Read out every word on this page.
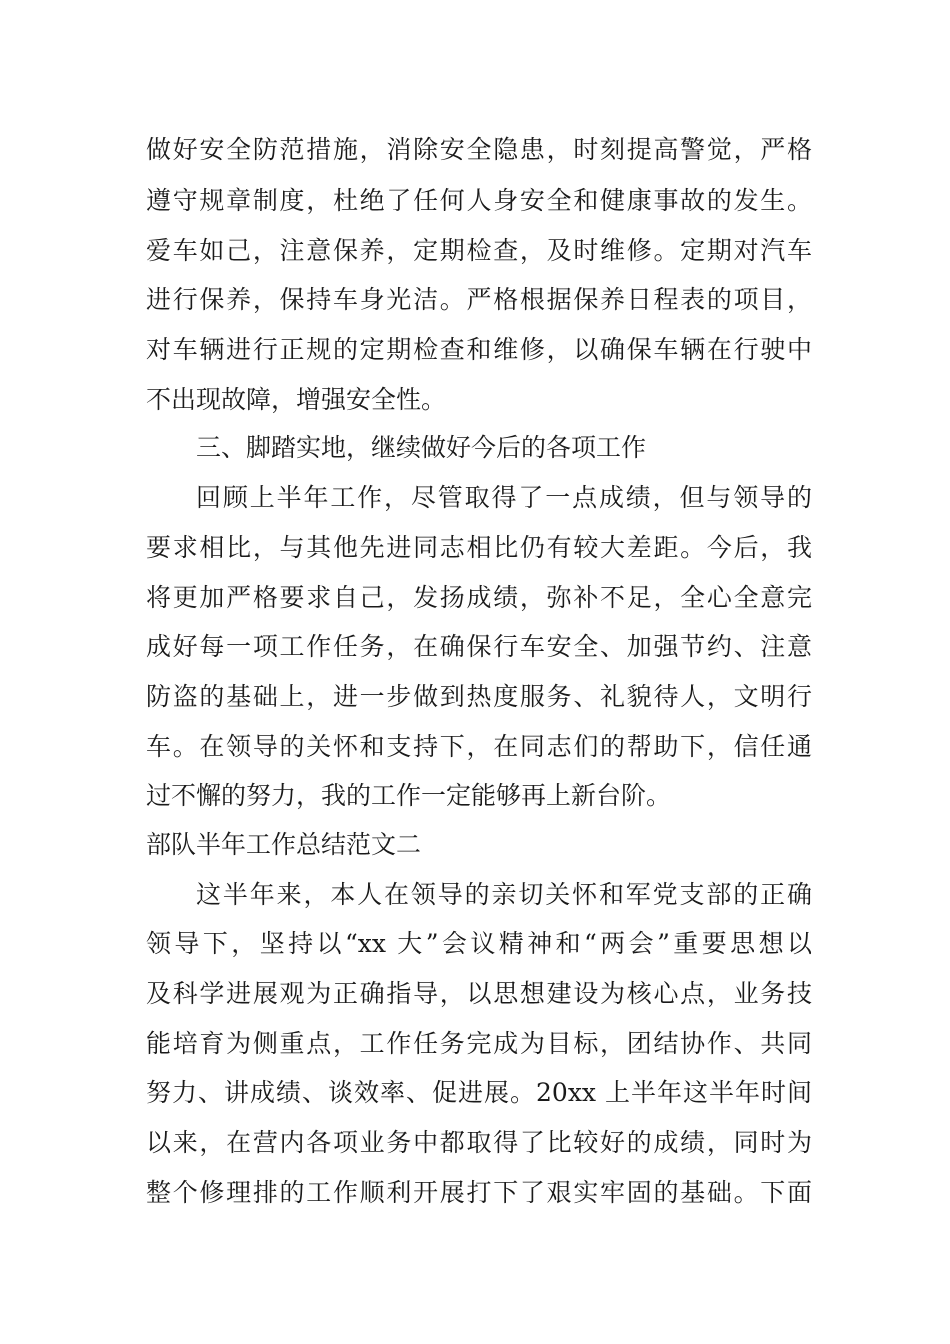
做好安全防范措施，消除安全隐患，时刻提高警觉，严格
遵守规章制度，杜绝了任何人身安全和健康事故的发生。
爱车如己，注意保养，定期检查，及时维修。定期对汽车
进行保养，保持车身光洁。严格根据保养日程表的项目，
对车辆进行正规的定期检查和维修，以确保车辆在行驶中
不出现故障，增强安全性。
三、脚踏实地，继续做好今后的各项工作
回顾上半年工作，尽管取得了一点成绩，但与领导的
要求相比，与其他先进同志相比仍有较大差距。今后，我
将更加严格要求自己，发扬成绩，弥补不足，全心全意完
成好每一项工作任务，在确保行车安全、加强节约、注意
防盗的基础上，进一步做到热度服务、礼貌待人，文明行
车。在领导的关怀和支持下，在同志们的帮助下，信任通
过不懈的努力，我的工作一定能够再上新台阶。
部队半年工作总结范文二
这半年来，本人在领导的亲切关怀和军党支部的正确
领导下，坚持以“xx 大”会议精神和“两会”重要思想以
及科学进展观为正确指导，以思想建设为核心点，业务技
能培育为侧重点，工作任务完成为目标，团结协作、共同
努力、讲成绩、谈效率、促进展。20xx 上半年这半年时间
以来，在营内各项业务中都取得了比较好的成绩，同时为
整个修理排的工作顺利开展打下了艰实牢固的基础。下面
